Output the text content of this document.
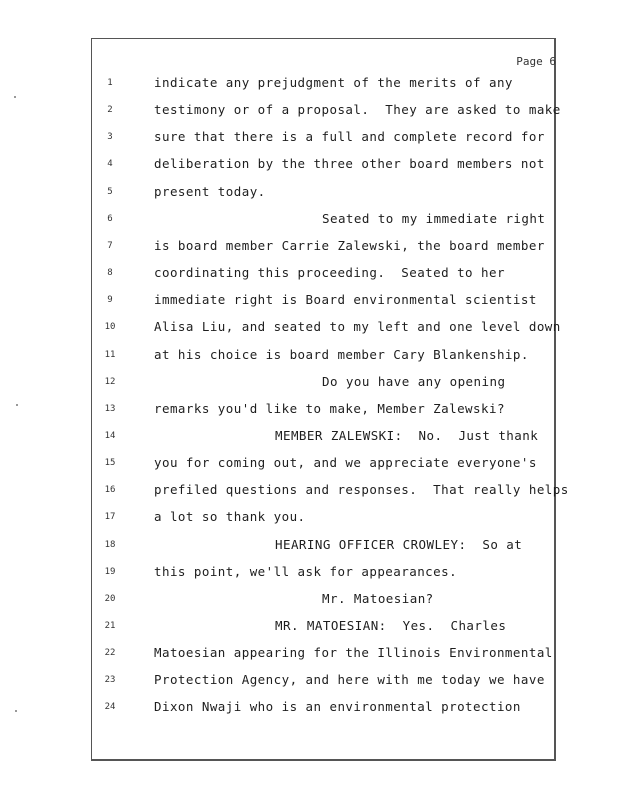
Page 6
1	indicate any prejudgment of the merits of any
2	testimony or of a proposal.  They are asked to make
3	sure that there is a full and complete record for
4	deliberation by the three other board members not
5	present today.
6	Seated to my immediate right
7	is board member Carrie Zalewski, the board member
8	coordinating this proceeding.  Seated to her
9	immediate right is Board environmental scientist
10	Alisa Liu, and seated to my left and one level down
11	at his choice is board member Cary Blankenship.
12	Do you have any opening
13	remarks you'd like to make, Member Zalewski?
14	MEMBER ZALEWSKI:  No.  Just thank
15	you for coming out, and we appreciate everyone's
16	prefiled questions and responses.  That really helps
17	a lot so thank you.
18	HEARING OFFICER CROWLEY:  So at
19	this point, we'll ask for appearances.
20	Mr. Matoesian?
21	MR. MATOESIAN:  Yes.  Charles
22	Matoesian appearing for the Illinois Environmental
23	Protection Agency, and here with me today we have
24	Dixon Nwaji who is an environmental protection
